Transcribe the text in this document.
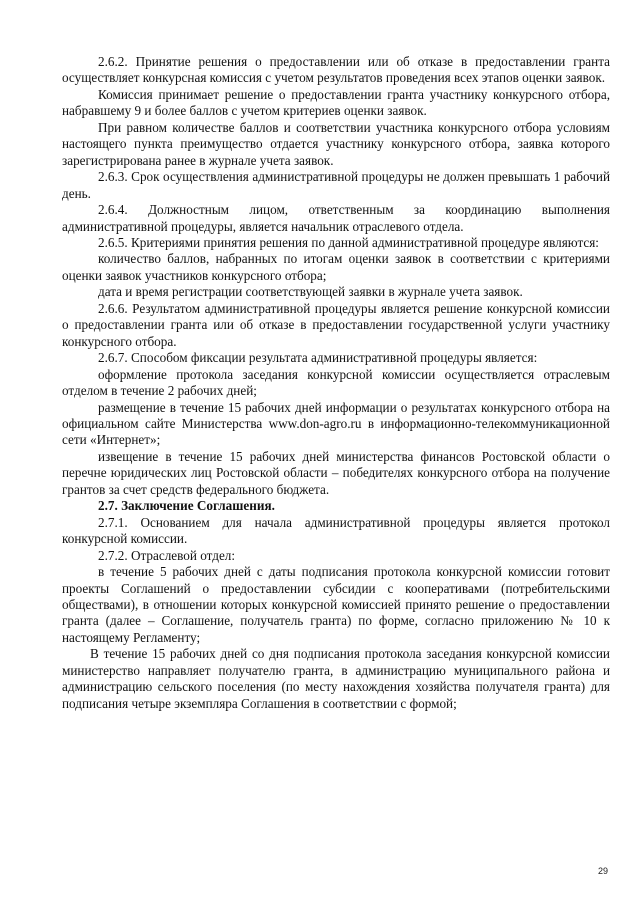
2.6.2. Принятие решения о предоставлении или об отказе в предоставлении гранта осуществляет конкурсная комиссия с учетом результатов проведения всех этапов оценки заявок.

Комиссия принимает решение о предоставлении гранта участнику конкурсного отбора, набравшему 9 и более баллов с учетом критериев оценки заявок.

При равном количестве баллов и соответствии участника конкурсного отбора условиям настоящего пункта преимущество отдается участнику конкурсного отбора, заявка которого зарегистрирована ранее в журнале учета заявок.

2.6.3. Срок осуществления административной процедуры не должен превышать 1 рабочий день.

2.6.4. Должностным лицом, ответственным за координацию выполнения административной процедуры, является начальник отраслевого отдела.

2.6.5. Критериями принятия решения по данной административной процедуре являются:

количество баллов, набранных по итогам оценки заявок в соответствии с критериями оценки заявок участников конкурсного отбора;

дата и время регистрации соответствующей заявки в журнале учета заявок.

2.6.6. Результатом административной процедуры является решение конкурсной комиссии о предоставлении гранта или об отказе в предоставлении государственной услуги участнику конкурсного отбора.

2.6.7. Способом фиксации результата административной процедуры является:

оформление протокола заседания конкурсной комиссии осуществляется отраслевым отделом в течение 2 рабочих дней;

размещение в течение 15 рабочих дней информации о результатах конкурсного отбора на официальном сайте Министерства www.don-agro.ru в информационно-телекоммуникационной сети «Интернет»;

извещение в течение 15 рабочих дней министерства финансов Ростовской области о перечне юридических лиц Ростовской области – победителях конкурсного отбора на получение грантов за счет средств федерального бюджета.

2.7. Заключение Соглашения.

2.7.1. Основанием для начала административной процедуры является протокол конкурсной комиссии.

2.7.2. Отраслевой отдел:

в течение 5 рабочих дней с даты подписания протокола конкурсной комиссии готовит проекты Соглашений о предоставлении субсидии с кооперативами (потребительскими обществами), в отношении которых конкурсной комиссией принято решение о предоставлении гранта (далее – Соглашение, получатель гранта) по форме, согласно приложению № 10 к настоящему Регламенту;

В течение 15 рабочих дней со дня подписания протокола заседания конкурсной комиссии министерство направляет получателю гранта, в администрацию муниципального района и администрацию сельского поселения (по месту нахождения хозяйства получателя гранта) для подписания четыре экземпляра Соглашения в соответствии с формой;

29
